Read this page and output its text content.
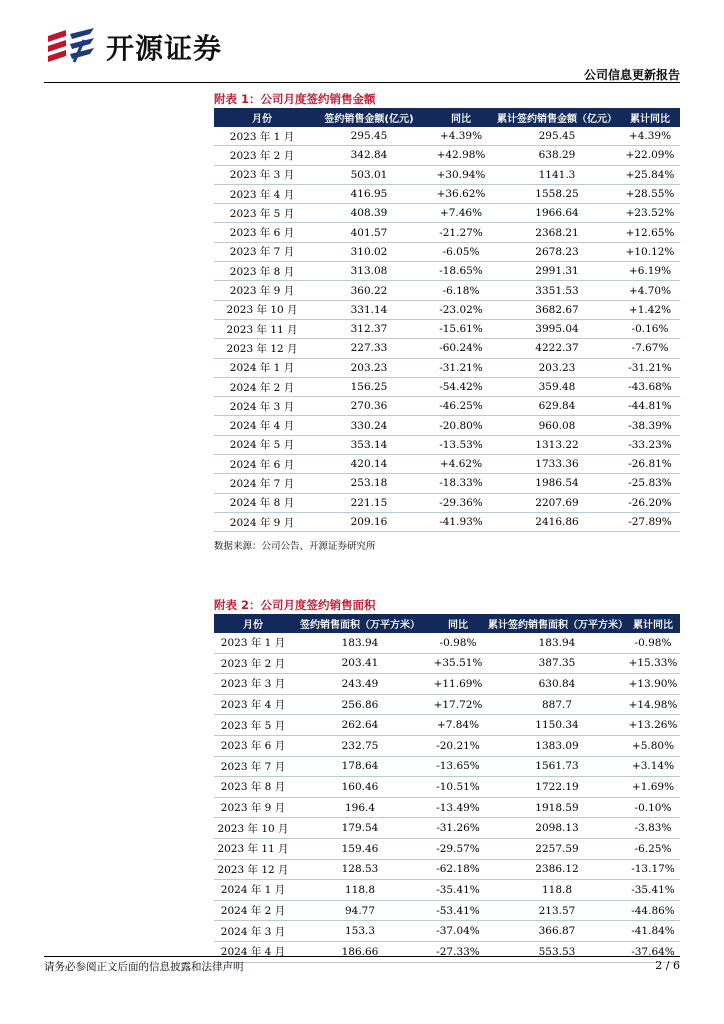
开源证券
公司信息更新报告
附表 1：公司月度签约销售金额
月份	签约销售金额(亿元)	同比	累计签约销售金额（亿元）	累计同比
2023 年 1 月	295.45	+4.39%	295.45	+4.39%
2023 年 2 月	342.84	+42.98%	638.29	+22.09%
2023 年 3 月	503.01	+30.94%	1141.3	+25.84%
2023 年 4 月	416.95	+36.62%	1558.25	+28.55%
2023 年 5 月	408.39	+7.46%	1966.64	+23.52%
2023 年 6 月	401.57	-21.27%	2368.21	+12.65%
2023 年 7 月	310.02	-6.05%	2678.23	+10.12%
2023 年 8 月	313.08	-18.65%	2991.31	+6.19%
2023 年 9 月	360.22	-6.18%	3351.53	+4.70%
2023 年 10 月	331.14	-23.02%	3682.67	+1.42%
2023 年 11 月	312.37	-15.61%	3995.04	-0.16%
2023 年 12 月	227.33	-60.24%	4222.37	-7.67%
2024 年 1 月	203.23	-31.21%	203.23	-31.21%
2024 年 2 月	156.25	-54.42%	359.48	-43.68%
2024 年 3 月	270.36	-46.25%	629.84	-44.81%
2024 年 4 月	330.24	-20.80%	960.08	-38.39%
2024 年 5 月	353.14	-13.53%	1313.22	-33.23%
2024 年 6 月	420.14	+4.62%	1733.36	-26.81%
2024 年 7 月	253.18	-18.33%	1986.54	-25.83%
2024 年 8 月	221.15	-29.36%	2207.69	-26.20%
2024 年 9 月	209.16	-41.93%	2416.86	-27.89%
数据来源：公司公告、开源证券研究所
附表 2：公司月度签约销售面积
月份	签约销售面积（万平方米）	同比	累计签约销售面积（万平方米）	累计同比
2023 年 1 月	183.94	-0.98%	183.94	-0.98%
2023 年 2 月	203.41	+35.51%	387.35	+15.33%
2023 年 3 月	243.49	+11.69%	630.84	+13.90%
2023 年 4 月	256.86	+17.72%	887.7	+14.98%
2023 年 5 月	262.64	+7.84%	1150.34	+13.26%
2023 年 6 月	232.75	-20.21%	1383.09	+5.80%
2023 年 7 月	178.64	-13.65%	1561.73	+3.14%
2023 年 8 月	160.46	-10.51%	1722.19	+1.69%
2023 年 9 月	196.4	-13.49%	1918.59	-0.10%
2023 年 10 月	179.54	-31.26%	2098.13	-3.83%
2023 年 11 月	159.46	-29.57%	2257.59	-6.25%
2023 年 12 月	128.53	-62.18%	2386.12	-13.17%
2024 年 1 月	118.8	-35.41%	118.8	-35.41%
2024 年 2 月	94.77	-53.41%	213.57	-44.86%
2024 年 3 月	153.3	-37.04%	366.87	-41.84%
2024 年 4 月	186.66	-27.33%	553.53	-37.64%
请务必参阅正文后面的信息披露和法律声明	2 / 6
